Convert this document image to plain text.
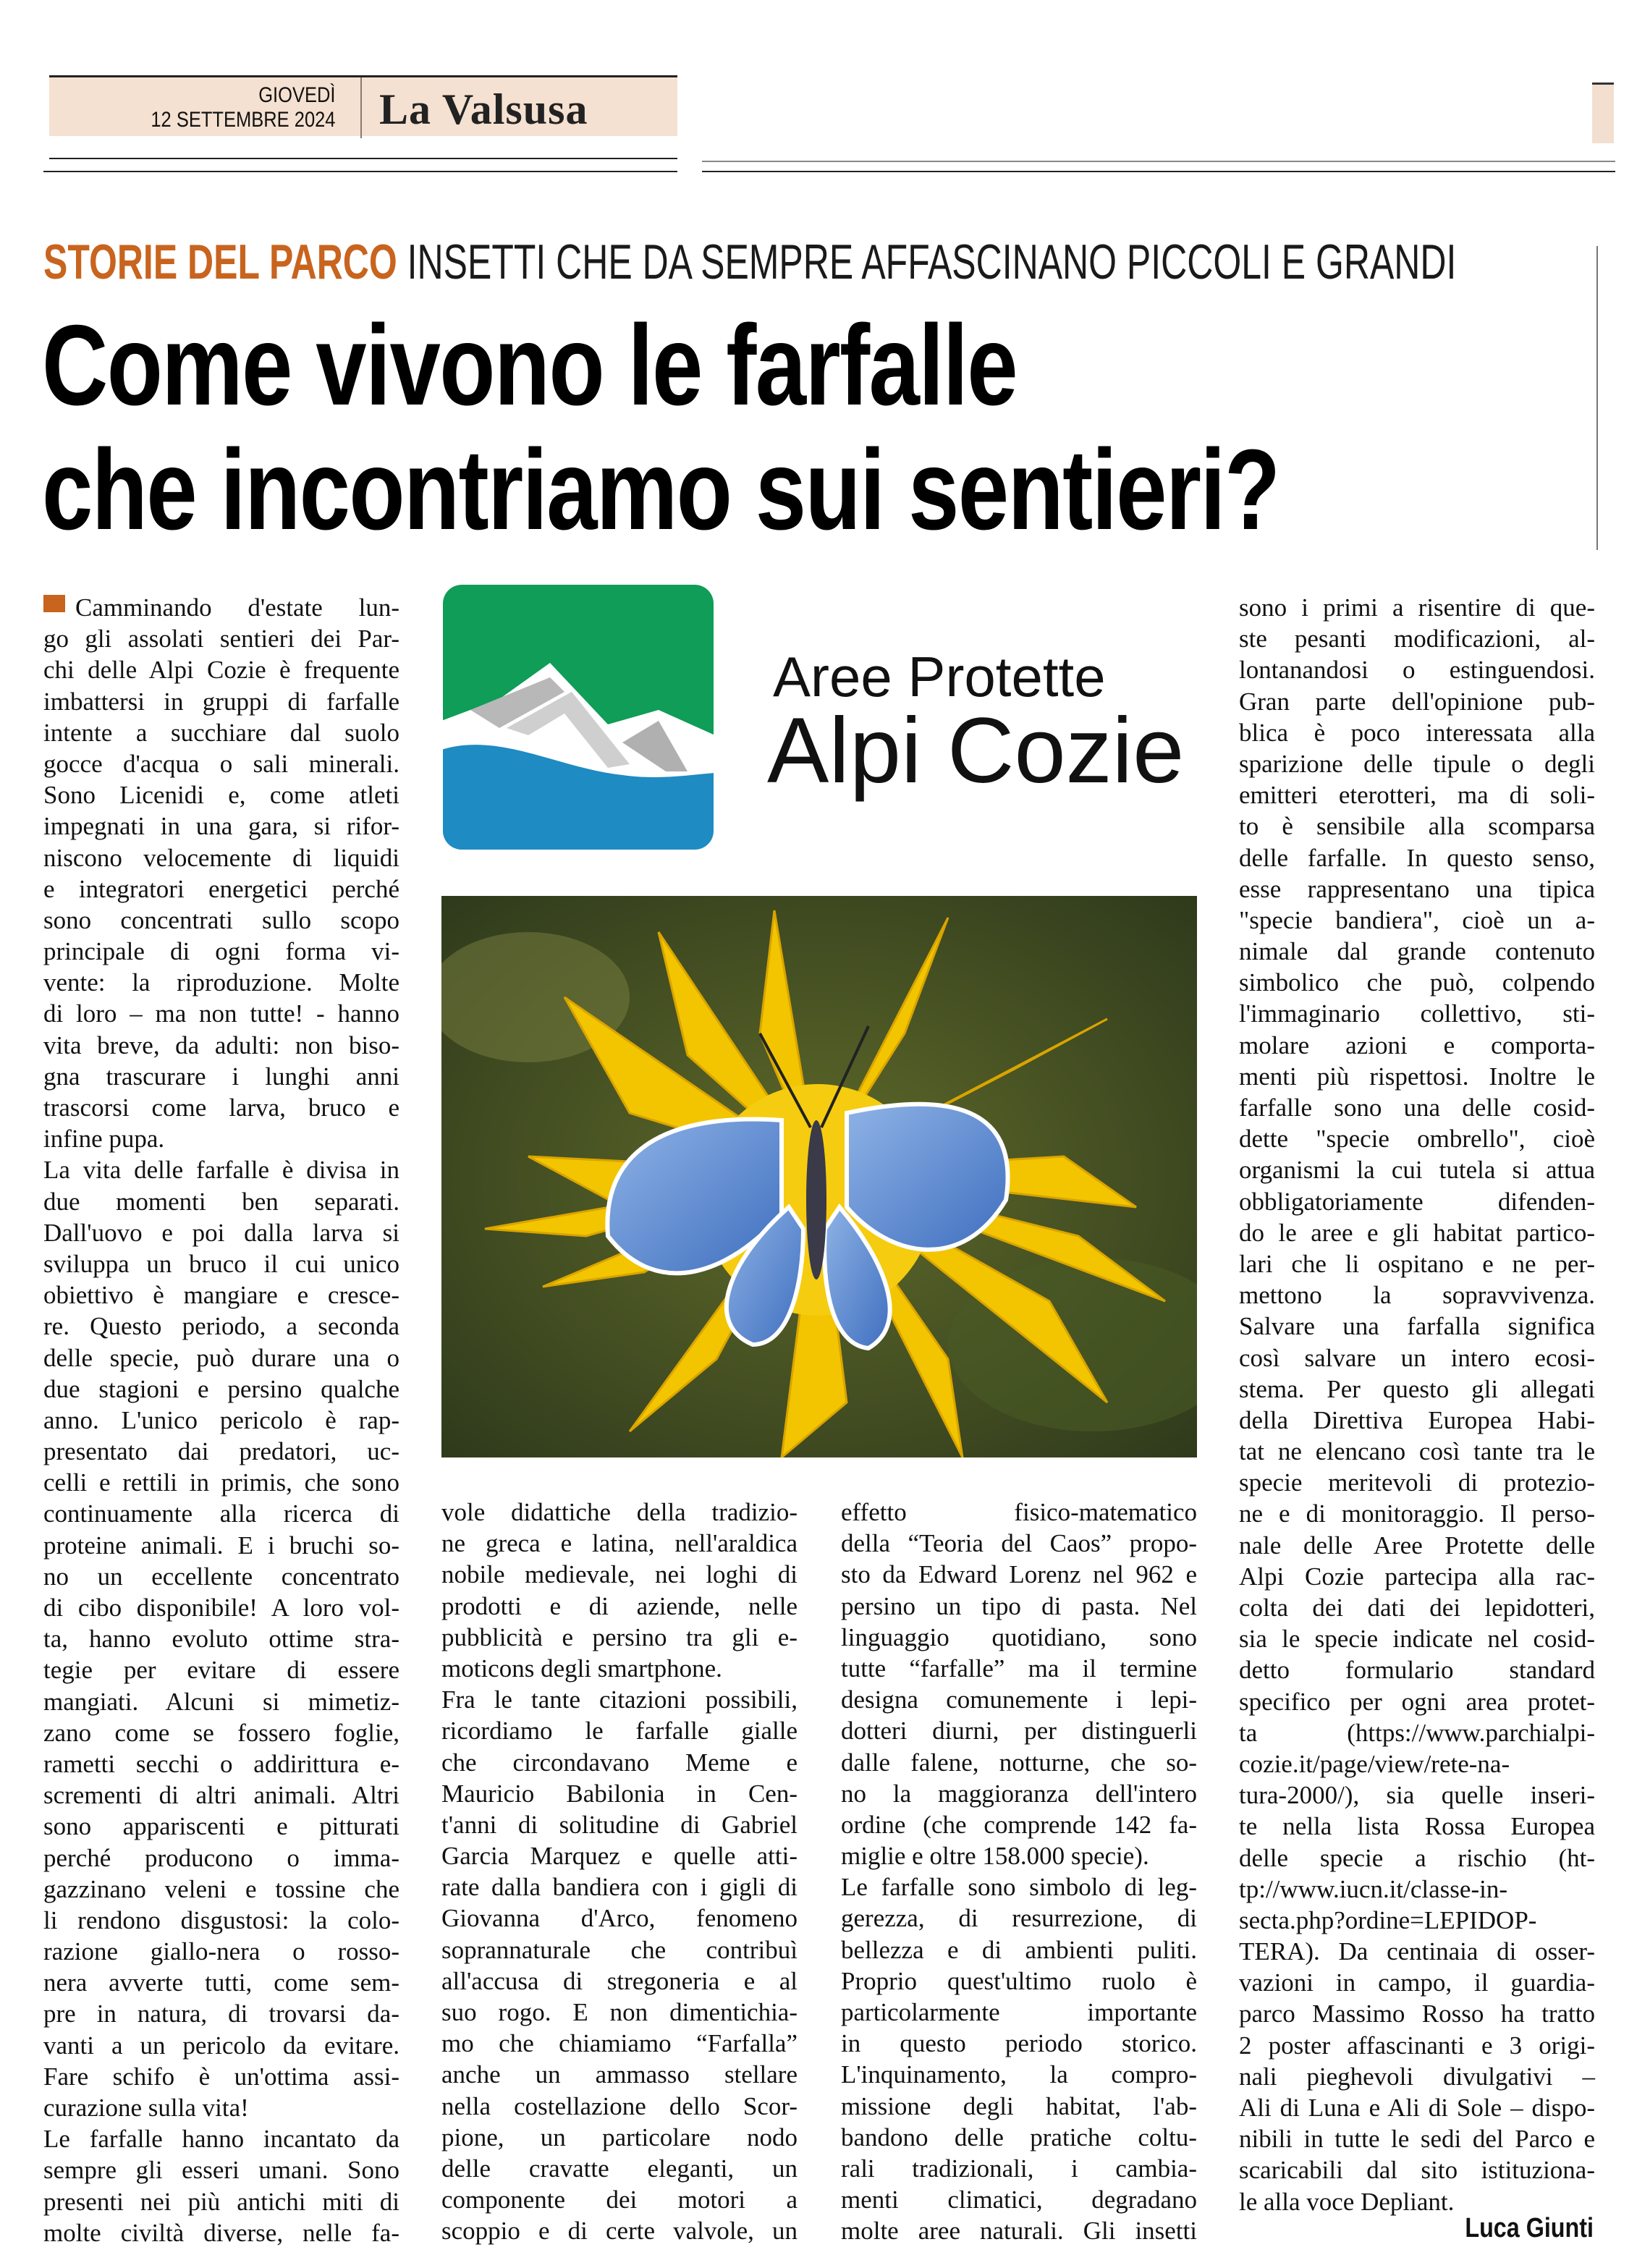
GIOVEDÌ
12 SETTEMBRE 2024 La Valsusa
STORIE DEL PARCO INSETTI CHE DA SEMPRE AFFASCINANO PICCOLI E GRANDI
Come vivono le farfalle
che incontriamo sui sentieri?
Aree Protette
Alpi Cozie
Camminando d'estate lun-
go gli assolati sentieri dei Par-
chi delle Alpi Cozie è frequente
imbattersi in gruppi di farfalle
intente a succhiare dal suolo
gocce d'acqua o sali minerali.
Sono Licenidi e, come atleti
impegnati in una gara, si rifor-
niscono velocemente di liquidi
e integratori energetici perché
sono concentrati sullo scopo
principale di ogni forma vi-
vente: la riproduzione. Molte
di loro – ma non tutte! - hanno
vita breve, da adulti: non biso-
gna trascurare i lunghi anni
trascorsi come larva, bruco e
infine pupa.
La vita delle farfalle è divisa in
due momenti ben separati.
Dall'uovo e poi dalla larva si
sviluppa un bruco il cui unico
obiettivo è mangiare e cresce-
re. Questo periodo, a seconda
delle specie, può durare una o
due stagioni e persino qualche
anno. L'unico pericolo è rap-
presentato dai predatori, uc-
celli e rettili in primis, che sono
continuamente alla ricerca di
proteine animali. E i bruchi so-
no un eccellente concentrato
di cibo disponibile! A loro vol-
ta, hanno evoluto ottime stra-
tegie per evitare di essere
mangiati. Alcuni si mimetiz-
zano come se fossero foglie,
rametti secchi o addirittura e-
scrementi di altri animali. Altri
sono appariscenti e pitturati
perché producono o imma-
gazzinano veleni e tossine che
li rendono disgustosi: la colo-
razione giallo-nera o rosso-
nera avverte tutti, come sem-
pre in natura, di trovarsi da-
vanti a un pericolo da evitare.
Fare schifo è un'ottima assi-
curazione sulla vita!
Le farfalle hanno incantato da
sempre gli esseri umani. Sono
presenti nei più antichi miti di
molte civiltà diverse, nelle fa-
vole didattiche della tradizio-
ne greca e latina, nell'araldica
nobile medievale, nei loghi di
prodotti e di aziende, nelle
pubblicità e persino tra gli e-
moticons degli smartphone.
Fra le tante citazioni possibili,
ricordiamo le farfalle gialle
che circondavano Meme e
Mauricio Babilonia in Cen-
t'anni di solitudine di Gabriel
Garcia Marquez e quelle atti-
rate dalla bandiera con i gigli di
Giovanna d'Arco, fenomeno
soprannaturale che contribuì
all'accusa di stregoneria e al
suo rogo. E non dimentichia-
mo che chiamiamo “Farfalla”
anche un ammasso stellare
nella costellazione dello Scor-
pione, un particolare nodo
delle cravatte eleganti, un
componente dei motori a
scoppio e di certe valvole, un
effetto fisico-matematico
della “Teoria del Caos” propo-
sto da Edward Lorenz nel 962 e
persino un tipo di pasta. Nel
linguaggio quotidiano, sono
tutte “farfalle” ma il termine
designa comunemente i lepi-
dotteri diurni, per distinguerli
dalle falene, notturne, che so-
no la maggioranza dell'intero
ordine (che comprende 142 fa-
miglie e oltre 158.000 specie).
Le farfalle sono simbolo di leg-
gerezza, di resurrezione, di
bellezza e di ambienti puliti.
Proprio quest'ultimo ruolo è
particolarmente importante
in questo periodo storico.
L'inquinamento, la compro-
missione degli habitat, l'ab-
bandono delle pratiche coltu-
rali tradizionali, i cambia-
menti climatici, degradano
molte aree naturali. Gli insetti
sono i primi a risentire di que-
ste pesanti modificazioni, al-
lontanandosi o estinguendosi.
Gran parte dell'opinione pub-
blica è poco interessata alla
sparizione delle tipule o degli
emitteri eterotteri, ma di soli-
to è sensibile alla scomparsa
delle farfalle. In questo senso,
esse rappresentano una tipica
"specie bandiera", cioè un a-
nimale dal grande contenuto
simbolico che può, colpendo
l'immaginario collettivo, sti-
molare azioni e comporta-
menti più rispettosi. Inoltre le
farfalle sono una delle cosid-
dette "specie ombrello", cioè
organismi la cui tutela si attua
obbligatoriamente difenden-
do le aree e gli habitat partico-
lari che li ospitano e ne per-
mettono la sopravvivenza.
Salvare una farfalla significa
così salvare un intero ecosi-
stema. Per questo gli allegati
della Direttiva Europea Habi-
tat ne elencano così tante tra le
specie meritevoli di protezio-
ne e di monitoraggio. Il perso-
nale delle Aree Protette delle
Alpi Cozie partecipa alla rac-
colta dei dati dei lepidotteri,
sia le specie indicate nel cosid-
detto formulario standard
specifico per ogni area protet-
ta (https://www.parchialpi-
cozie.it/page/view/rete-na-
tura-2000/), sia quelle inseri-
te nella lista Rossa Europea
delle specie a rischio (ht-
tp://www.iucn.it/classe-in-
secta.php?ordine=LEPIDOP-
TERA). Da centinaia di osser-
vazioni in campo, il guardia-
parco Massimo Rosso ha tratto
2 poster affascinanti e 3 origi-
nali pieghevoli divulgativi –
Ali di Luna e Ali di Sole – dispo-
nibili in tutte le sedi del Parco e
scaricabili dal sito istituziona-
le alla voce Depliant.
Luca Giunti
